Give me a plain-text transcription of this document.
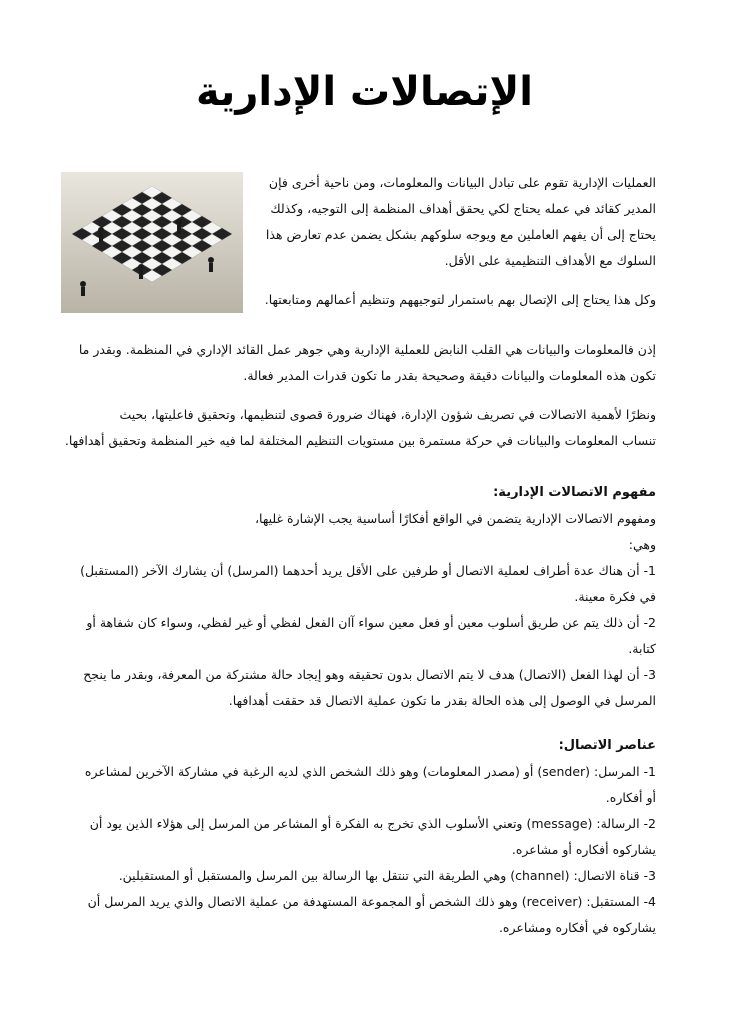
الإتصالات الإدارية
العمليات الإدارية تقوم على تبادل البيانات والمعلومات، ومن ناحية أخرى فإن
المدير كقائد في عمله يحتاج لكي يحقق أهداف المنظمة إلى التوجيه، وكذلك
يحتاج إلى أن يفهم العاملين مع ويوجه سلوكهم بشكل يضمن عدم تعارض هذا
السلوك مع الأهداف التنظيمية على الأقل.
وكل هذا يحتاج إلى الإتصال بهم باستمرار لتوجيههم وتنظيم أعمالهم ومتابعتها.
إذن فالمعلومات والبيانات هي القلب النابض للعملية الإدارية وهي جوهر عمل القائد الإداري في المنظمة. وبقدر ما
تكون هذه المعلومات والبيانات دقيقة وصحيحة بقدر ما تكون قدرات المدير فعالة.
ونظرًا لأهمية الاتصالات في تصريف شؤون الإدارة، فهناك ضرورة قصوى لتنظيمها، وتحقيق فاعليتها، بحيث
تنساب المعلومات والبيانات في حركة مستمرة بين مستويات التنظيم المختلفة لما فيه خير المنظمة وتحقيق أهدافها.
مفهوم الاتصالات الإدارية:
ومفهوم الاتصالات الإدارية يتضمن في الواقع أفكارًا أساسية يجب الإشارة غليها،
وهي:
1- أن هناك عدة أطراف لعملية الاتصال أو طرفين على الأقل يريد أحدهما (المرسل) أن يشارك الآخر (المستقبل)
في فكرة معينة.
2- أن ذلك يتم عن طريق أسلوب معين أو فعل معين سواء آان الفعل لفظي أو غير لفظي، وسواء كان شفاهة أو
كتابة.
3- أن لهذا الفعل (الاتصال) هدف لا يتم الاتصال بدون تحقيقه وهو إيجاد حالة مشتركة من المعرفة، وبقدر ما ينجح
المرسل في الوصول إلى هذه الحالة بقدر ما تكون عملية الاتصال قد حققت أهدافها.
عناصر الاتصال:
1- المرسل: (sender) أو (مصدر المعلومات) وهو ذلك الشخص الذي لديه الرغبة في مشاركة الآخرين لمشاعره
أو أفكاره.
2- الرسالة: (message) وتعني الأسلوب الذي تخرج به الفكرة أو المشاعر من المرسل إلى هؤلاء الذين يود أن
يشاركوه أفكاره أو مشاعره.
3- قناة الاتصال: (channel) وهي الطريقة التي تنتقل بها الرسالة بين المرسل والمستقبل أو المستقبلين.
4- المستقبل: (receiver) وهو ذلك الشخص أو المجموعة المستهدفة من عملية الاتصال والذي يريد المرسل أن
يشاركوه في أفكاره ومشاعره.
